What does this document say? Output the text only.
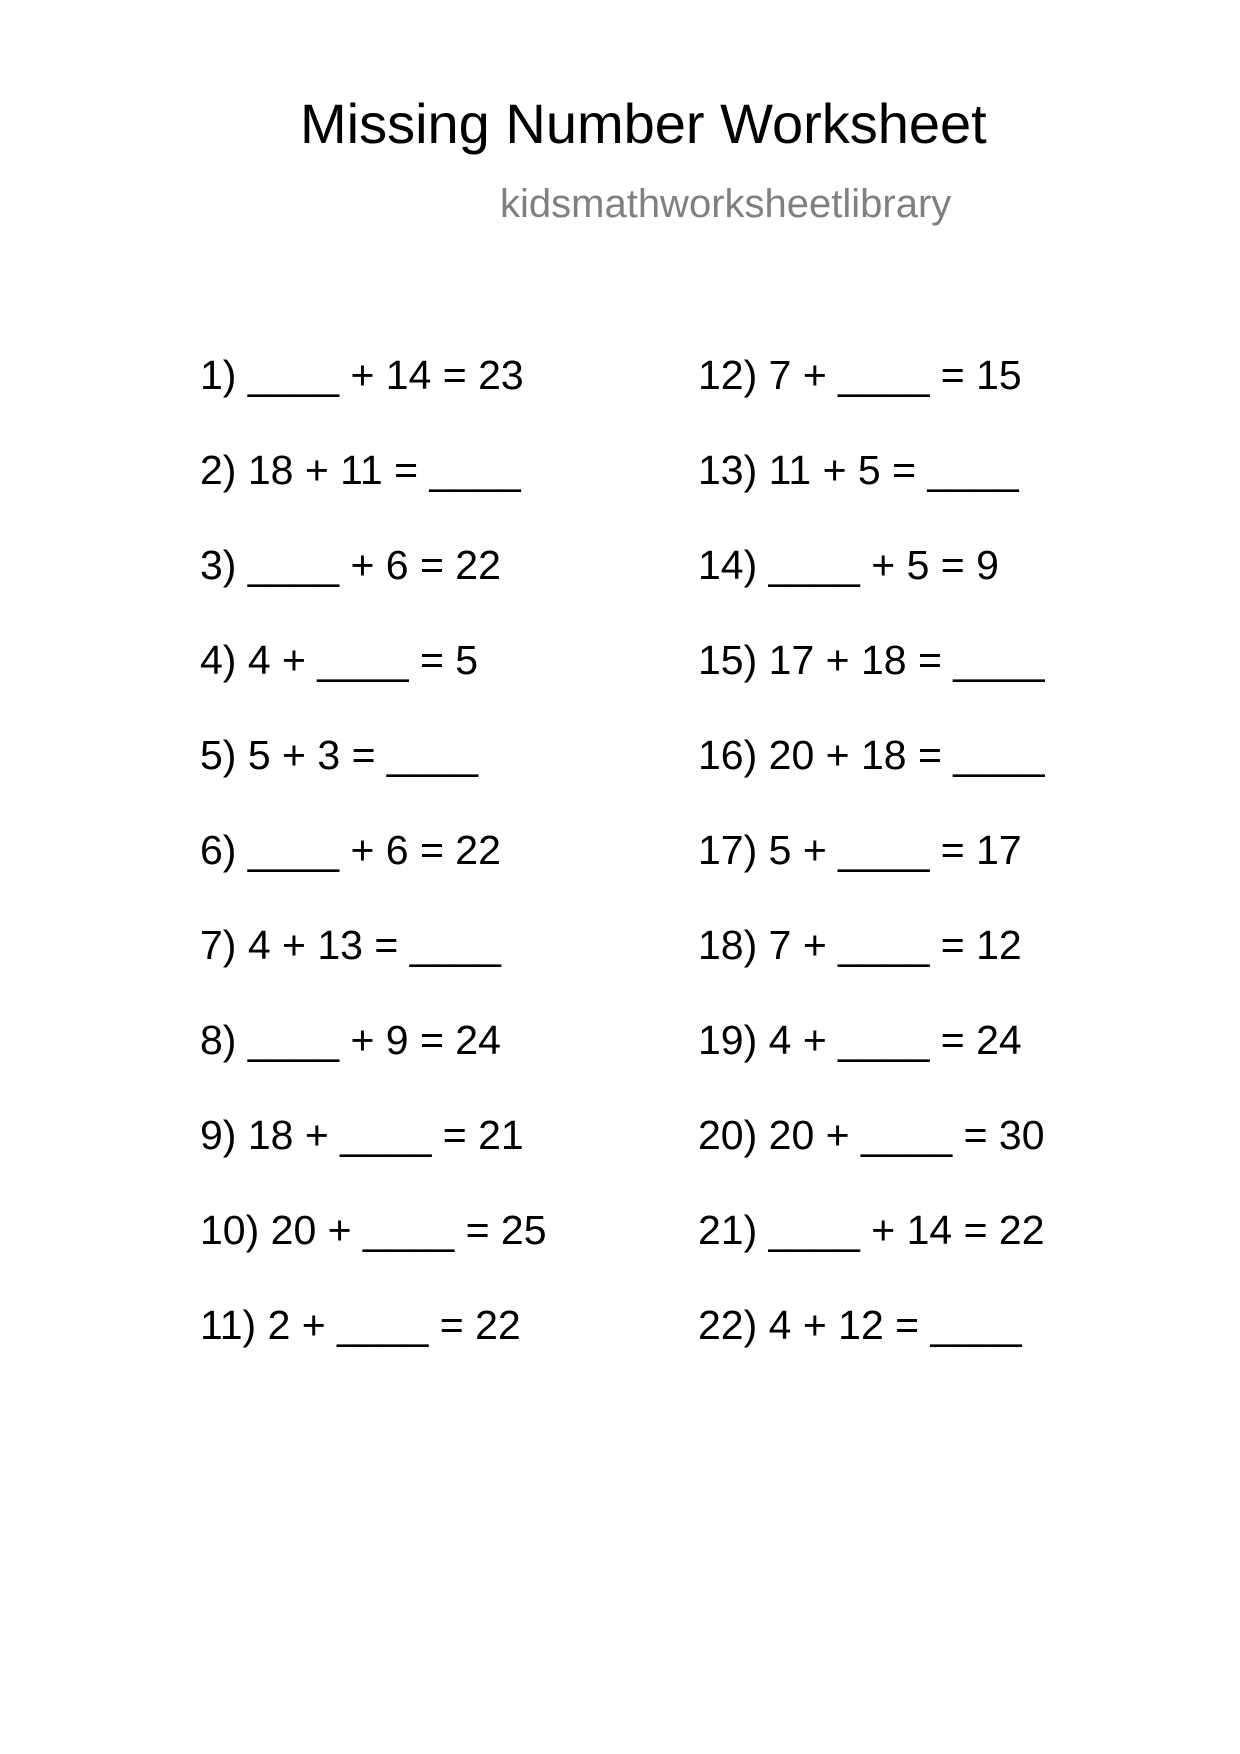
Missing Number Worksheet
kidsmathworksheetlibrary
1) ____ + 14 = 23
2) 18 + 11 = ____
3) ____ + 6 = 22
4) 4 + ____ = 5
5) 5 + 3 = ____
6) ____ + 6 = 22
7) 4 + 13 = ____
8) ____ + 9 = 24
9) 18 + ____ = 21
10) 20 + ____ = 25
11) 2 + ____ = 22
12) 7 + ____ = 15
13) 11 + 5 = ____
14) ____ + 5 = 9
15) 17 + 18 = ____
16) 20 + 18 = ____
17) 5 + ____ = 17
18) 7 + ____ = 12
19) 4 + ____ = 24
20) 20 + ____ = 30
21) ____ + 14 = 22
22) 4 + 12 = ____
